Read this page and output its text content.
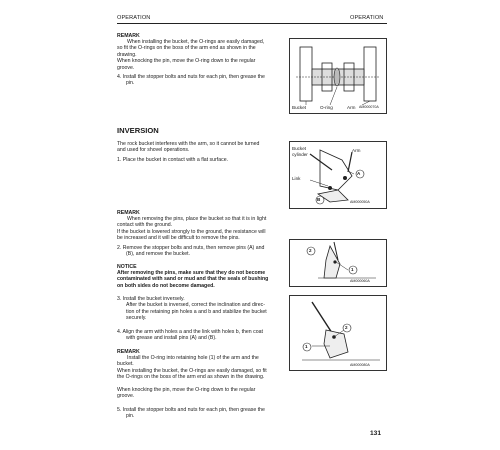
OPERATION	OPERATION
REMARK
When installing the bucket, the O-rings are easily damaged,
so fit the O-rings on the boss of the arm end as shown in the
drawing.
When knocking the pin, move the O-ring down to the regular
groove.
4. Install the stopper bolts and nuts for each pin, then grease the
pin.
Bucket	O-ring	Arm AM000070A
INVERSION
The rock bucket interferes with the arm, so it cannot be turned
and used for shovel operations.
1. Place the bucket in contact with a flat surface.
Bucket
cylinder
Arm
Link
A
B	AM000050A
REMARK
When removing the pins, place the bucket so that it is in light
contact with the ground.
If the bucket is lowered strongly to the ground, the resistance will
be increased and it will be difficult to remove the pins.
2. Remove the stopper bolts and nuts, then remove pins (A) and
(B), and remove the bucket.
2
1
AM000060A
NOTICE
After removing the pins, make sure that they do not become
contaminated with sand or mud and that the seals of bushing
on both sides do not become damaged.
3. Install the bucket inversely.
After the bucket is inversed, correct the inclination and direc-
tion of the retaining pin holes a and b and stabilize the bucket
securely.
4. Align the arm with holes a and the link with holes b, then coat
with grease and install pins (A) and (B).
2
1
AM000080A
REMARK
Install the O-ring into retaining hole (1) of the arm and the
bucket.
When installing the bucket, the O-rings are easily damaged, so fit
the O-rings on the boss of the arm end as shown in the drawing.
When knocking the pin, move the O-ring down to the regular
groove.
5. Install the stopper bolts and nuts for each pin, then grease the
pin.
131
